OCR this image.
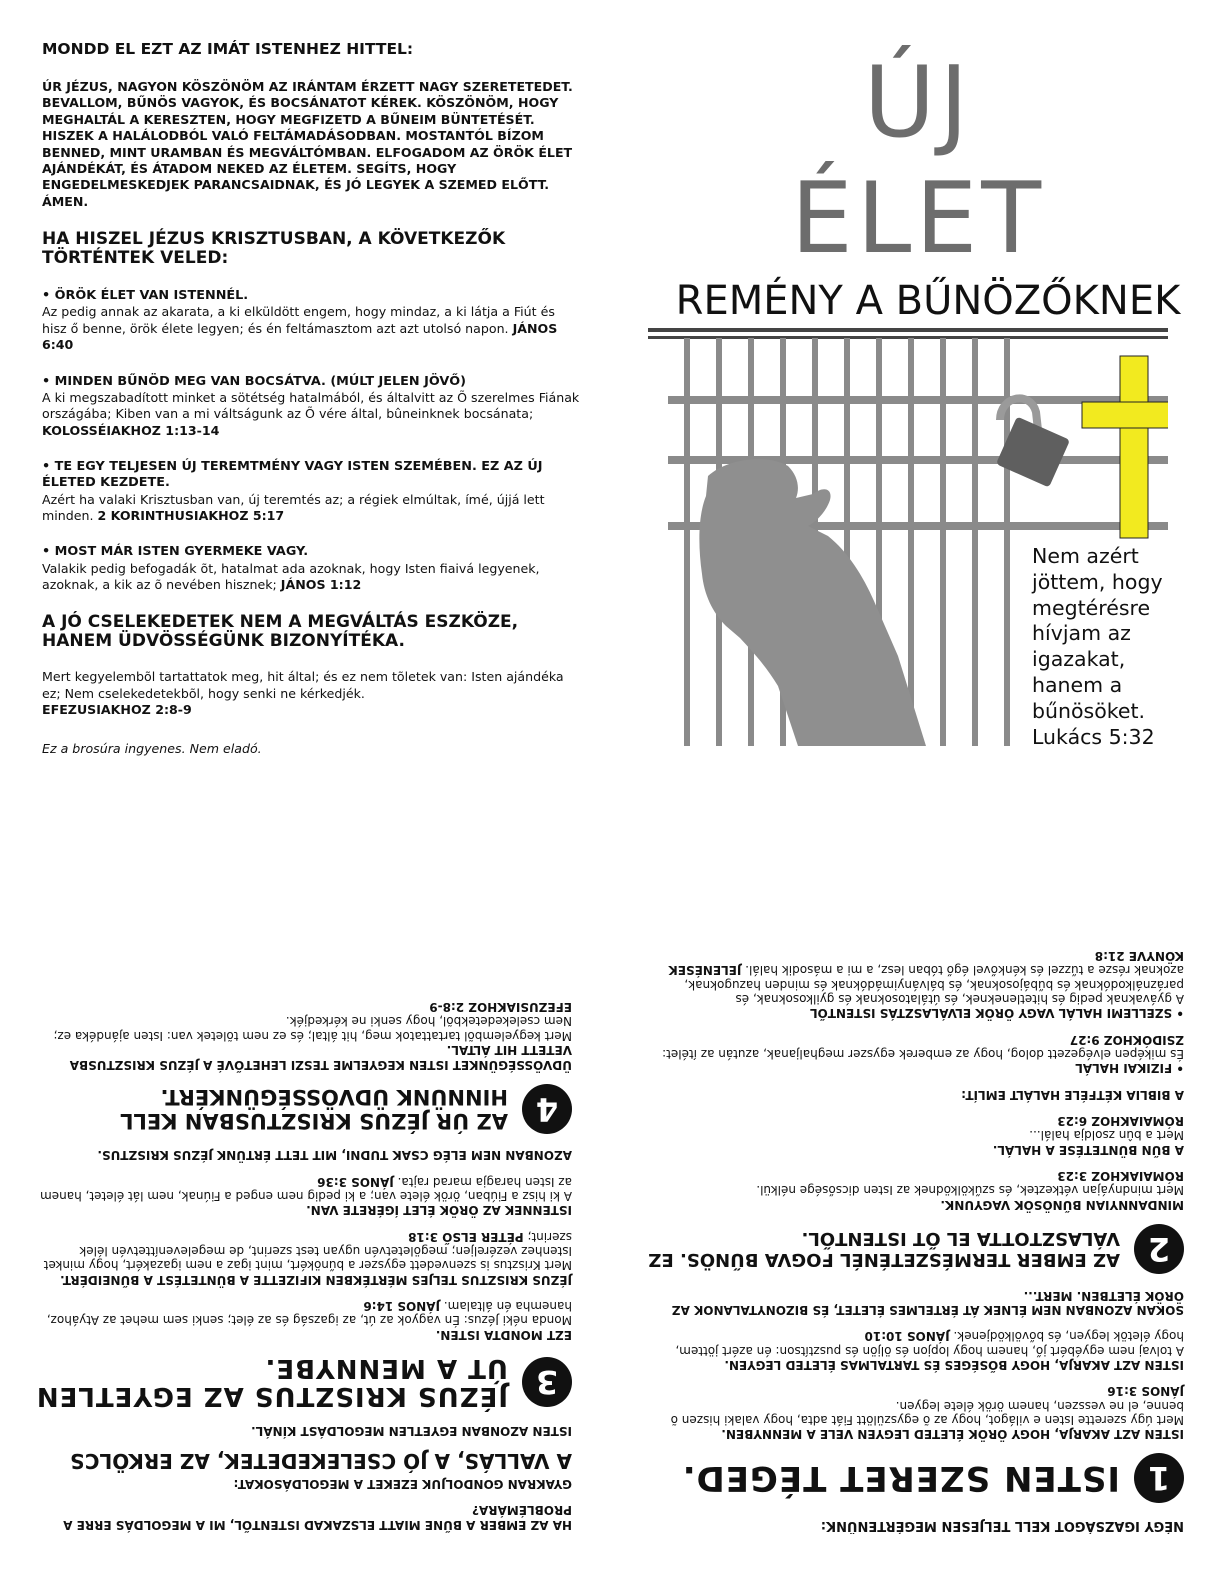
MONDD EL EZT AZ IMÁT ISTENHEZ HITTEL:
ÚR JÉZUS, NAGYON KÖSZÖNÖM AZ IRÁNTAM ÉRZETT NAGY SZERETETEDET. BEVALLOM, BŰNÖS VAGYOK, ÉS BOCSÁNATOT KÉREK. KÖSZÖNÖM, HOGY MEGHALTÁL A KERESZTEN, HOGY MEGFIZETD A BŰNEIM BÜNTETÉSÉT. HISZEK A HALÁLODBÓL VALÓ FELTÁMADÁSODBAN. MOSTANTÓL BÍZOM BENNED, MINT URAMBAN ÉS MEGVÁLTÓMBAN. ELFOGADOM AZ ÖRÖK ÉLET AJÁNDÉKÁT, ÉS ÁTADOM NEKED AZ ÉLETEM. SEGÍTS, HOGY ENGEDELMESKEDJEK PARANCSAIDNAK, ÉS JÓ LEGYEK A SZEMED ELŐTT. ÁMEN.
HA HISZEL JÉZUS KRISZTUSBAN, A KÖVETKEZŐK TÖRTÉNTEK VELED:
• ÖRÖK ÉLET VAN ISTENNÉL.
Az pedig annak az akarata, a ki elküldött engem, hogy mindaz, a ki látja a Fiút és hisz ő benne, örök élete legyen; és én feltámasztom azt azt utolsó napon. JÁNOS 6:40
• MINDEN BŰNÖD MEG VAN BOCSÁTVA. (MÚLT JELEN JÖVŐ)
A ki megszabadított minket a sötétség hatalmából, és általvitt az Õ szerelmes Fiának országába; Kiben van a mi váltságunk az Õ vére által, bûneinknek bocsánata; KOLOSSÉIAKHOZ 1:13-14
• TE EGY TELJESEN ÚJ TEREMTMÉNY VAGY ISTEN SZEMÉBEN. EZ AZ ÚJ ÉLETED KEZDETE.
Azért ha valaki Krisztusban van, új teremtés az; a régiek elmúltak, ímé, újjá lett minden. 2 KORINTHUSIAKHOZ 5:17
• MOST MÁR ISTEN GYERMEKE VAGY.
Valakik pedig befogadák õt, hatalmat ada azoknak, hogy Isten fiaivá legyenek, azoknak, a kik az õ nevében hisznek; JÁNOS 1:12
A JÓ CSELEKEDETEK NEM A MEGVÁLTÁS ESZKÖZE, HANEM ÜDVÖSSÉGÜNK BIZONYÍTÉKA.
Mert kegyelembõl tartattatok meg, hit által; és ez nem tõletek van: Isten ajándéka ez; Nem cselekedetekbõl, hogy senki ne kérkedjék.
EFEZUSIAKHOZ 2:8-9
Ez a brosúra ingyenes. Nem eladó.
ÚJ
ÉLET
REMÉNY A BŰNÖZŐKNEK
Nem azért
jöttem, hogy
megtérésre
hívjam az
igazakat,
hanem a
bűnösöket.
Lukács 5:32
NÉGY IGAZSÁGOT KELL TELJESEN MEGÉRTENÜNK:
1
ISTEN SZERET TÉGED.
ISTEN AZT AKARJA, HOGY ÖRÖK ÉLETED LEGYEN VELE A MENNYBEN.
Mert úgy szerette Isten e világot, hogy az õ egyszülött Fiát adta, hogy valaki hiszen õ benne, el ne vesszen, hanem örök élete legyen.
JÁNOS 3:16
ISTEN AZT AKARJA, HOGY BŐSÉGES ÉS TARTALMAS ÉLETED LEGYEN.
A tolvaj nem egyébért jő, hanem hogy lopjon és öljön és pusztítson: én azért jöttem, hogy életök legyen, és bővölködjenek. JÁNOS 10:10
SOKAN AZONBAN NEM ÉLNEK ÁT ÉRTELMES ÉLETET, ÉS BIZONYTALANOK AZ ÖRÖK ÉLETBEN. MERT...
2
AZ EMBER TERMÉSZETÉNÉL FOGVA BŰNÖS. EZ VÁLASZTOTTA EL ŐT ISTENTŐL.
MINDANNYIAN BŰNÖSÖK VAGYUNK.
Mert mindnyájan vétkeztek, és szűkölködnek az Isten dicsősége nélkül.
RÓMAIAKHOZ 3:23
A BŰN BÜNTETÉSE A HALÁL.
Mert a bûn zsoldja halál...
RÓMAIAKHOZ 6:23
A BIBLIA KÉTFÉLE HALÁLT EMLÍT:
• FIZIKAI HALÁL
És miképen elvégezett dolog, hogy az emberek egyszer meghaljanak, azután az ítélet: ZSIDÓKHOZ 9:27
• SZELLEMI HALÁL VAGY ÖRÖK ELVÁLASZTÁS ISTENTŐL
A gyávaknak pedig és hitetleneknek, és útálatosoknak és gyilkosoknak, és paráználkodóknak és bűbájosoknak, és bálványimádóknak és minden hazugoknak, azoknak része a tűzzel és kénkővel égő tóban lesz, a mi a második halál. JELENÉSEK KÖNYVE 21:8
HA AZ EMBER A BŰNE MIATT ELSZAKAD ISTENTŐL, MI A MEGOLDÁS ERRE A PROBLÉMÁRA?
GYAKRAN GONDOLJUK EZEKET A MEGOLDÁSOKAT:
A VALLÁS, A JÓ CSELEKEDETEK, AZ ERKÖLCS
ISTEN AZONBAN EGYETLEN MEGOLDÁST KÍNÁL.
3
JÉZUS KRISZTUS AZ EGYETLEN ÚT A MENNYBE.
EZT MONDTA ISTEN.
Monda néki Jézus: Én vagyok az út, az igazság és az élet; senki sem mehet az Atyához, hanemha én általam. JÁNOS 14:6
JÉZUS KRISZTUS TELJES MÉRTÉKBEN KIFIZETTE A BÜNTETÉST A BŰNEIDÉRT.
Mert Krisztus is szenvedett egyszer a bűnökért, mint igaz a nem igazakért, hogy minket Istenhez vezéreljen; megöletetvén ugyan test szerint, de megeleveníttetvén lélek szerint; PÉTER ELSŐ 3:18
ISTENNEK AZ ÖRÖK ÉLET ÍGÉRETE VAN.
A ki hisz a Fiúban, örök élete van; a ki pedig nem enged a Fiúnak, nem lát életet, hanem az Isten haragja marad rajta. JÁNOS 3:36
AZONBAN NEM ELÉG CSAK TUDNI, MIT TETT ÉRTÜNK JÉZUS KRISZTUS.
4
AZ ÚR JÉZUS KRISZTUSBAN KELL HINNÜNK ÜDVÖSSÉGÜNKÉRT.
ÜDVÖSSÉGÜNKET ISTEN KEGYELME TESZI LEHETŐVÉ A JÉZUS KRISZTUSBA VETETT HIT ÁLTAL.
Mert kegyelembõl tartattatok meg, hit által; és ez nem tõletek van: Isten ajándéka ez; Nem cselekedetekbõl, hogy senki ne kérkedjék.
EFEZUSIAKHOZ 2:8-9
